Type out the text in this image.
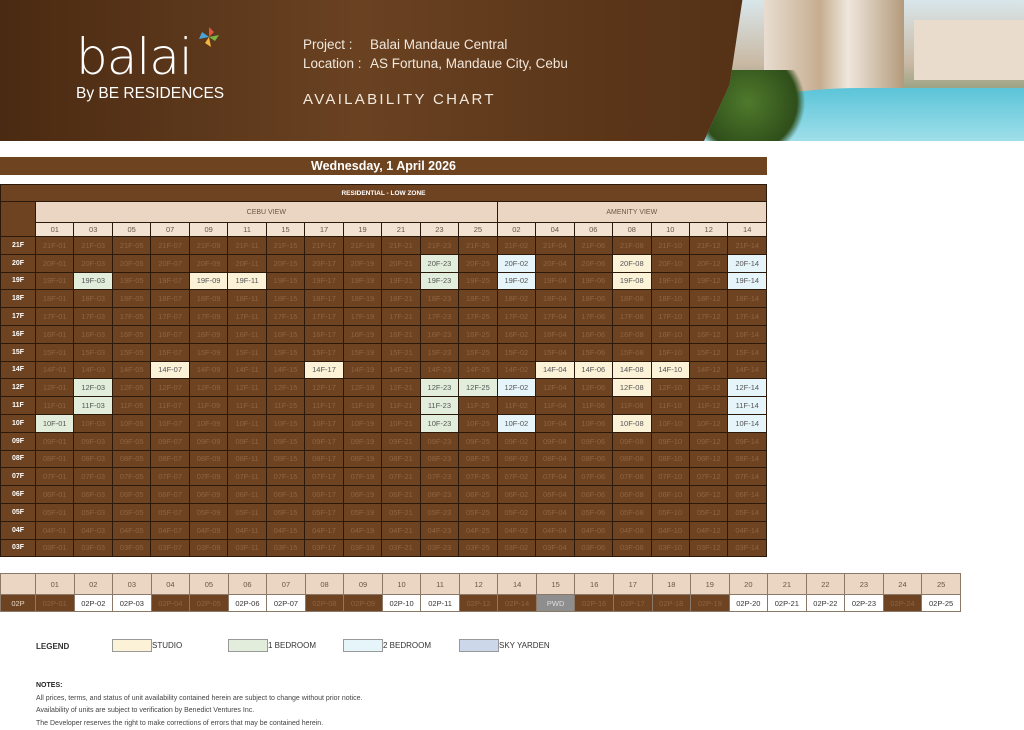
balai
By BE RESIDENCES
Project : Balai Mandaue Central
Location : AS Fortuna, Mandaue City, Cebu
AVAILABILITY CHART
Wednesday, 1 April 2026
RESIDENTIAL - LOW ZONE																			
	CEBU VIEW												AMENITY VIEW						
	01	03	05	07	09	11	15	17	19	21	23	25	02	04	06	08	10	12	14
21F	21F-01	21F-03	21F-05	21F-07	21F-09	21F-11	21F-15	21F-17	21F-19	21F-21	21F-23	21F-25	21F-02	21F-04	21F-06	21F-08	21F-10	21F-12	21F-14
20F	20F-01	20F-03	20F-05	20F-07	20F-09	20F-11	20F-15	20F-17	20F-19	20F-21	20F-23	20F-25	20F-02	20F-04	20F-06	20F-08	20F-10	20F-12	20F-14
19F	19F-01	19F-03	19F-05	19F-07	19F-09	19F-11	19F-15	19F-17	19F-19	19F-21	19F-23	19F-25	19F-02	19F-04	19F-06	19F-08	19F-10	19F-12	19F-14
18F	18F-01	18F-03	18F-05	18F-07	18F-09	18F-11	18F-15	18F-17	18F-19	18F-21	18F-23	18F-25	18F-02	18F-04	18F-06	18F-08	18F-10	18F-12	18F-14
17F	17F-01	17F-03	17F-05	17F-07	17F-09	17F-11	17F-15	17F-17	17F-19	17F-21	17F-23	17F-25	17F-02	17F-04	17F-06	17F-08	17F-10	17F-12	17F-14
16F	16F-01	16F-03	16F-05	16F-07	16F-09	16F-11	16F-15	16F-17	16F-19	16F-21	16F-23	16F-25	16F-02	16F-04	16F-06	16F-08	16F-10	16F-12	16F-14
15F	15F-01	15F-03	15F-05	15F-07	15F-09	15F-11	15F-15	15F-17	15F-19	15F-21	15F-23	15F-25	15F-02	15F-04	15F-06	15F-08	15F-10	15F-12	15F-14
14F	14F-01	14F-03	14F-05	14F-07	14F-09	14F-11	14F-15	14F-17	14F-19	14F-21	14F-23	14F-25	14F-02	14F-04	14F-06	14F-08	14F-10	14F-12	14F-14
12F	12F-01	12F-03	12F-05	12F-07	12F-09	12F-11	12F-15	12F-17	12F-19	12F-21	12F-23	12F-25	12F-02	12F-04	12F-06	12F-08	12F-10	12F-12	12F-14
11F	11F-01	11F-03	11F-05	11F-07	11F-09	11F-11	11F-15	11F-17	11F-19	11F-21	11F-23	11F-25	11F-02	11F-04	11F-06	11F-08	11F-10	11F-12	11F-14
10F	10F-01	10F-03	10F-05	10F-07	10F-09	10F-11	10F-15	10F-17	10F-19	10F-21	10F-23	10F-25	10F-02	10F-04	10F-06	10F-08	10F-10	10F-12	10F-14
09F	09F-01	09F-03	09F-05	09F-07	09F-09	09F-11	09F-15	09F-17	09F-19	09F-21	09F-23	09F-25	09F-02	09F-04	09F-06	09F-08	09F-10	09F-12	09F-14
08F	08F-01	08F-03	08F-05	08F-07	08F-09	08F-11	08F-15	08F-17	08F-19	08F-21	08F-23	08F-25	08F-02	08F-04	08F-06	08F-08	08F-10	08F-12	08F-14
07F	07F-01	07F-03	07F-05	07F-07	07F-09	07F-11	07F-15	07F-17	07F-19	07F-21	07F-23	07F-25	07F-02	07F-04	07F-06	07F-08	07F-10	07F-12	07F-14
06F	06F-01	06F-03	06F-05	06F-07	06F-09	06F-11	06F-15	06F-17	06F-19	06F-21	06F-23	06F-25	06F-02	06F-04	06F-06	06F-08	06F-10	06F-12	06F-14
05F	05F-01	05F-03	05F-05	05F-07	05F-09	05F-11	05F-15	05F-17	05F-19	05F-21	05F-23	05F-25	05F-02	05F-04	05F-06	05F-08	05F-10	05F-12	05F-14
04F	04F-01	04F-03	04F-05	04F-07	04F-09	04F-11	04F-15	04F-17	04F-19	04F-21	04F-23	04F-25	04F-02	04F-04	04F-06	04F-08	04F-10	04F-12	04F-14
03F	03F-01	03F-03	03F-05	03F-07	03F-09	03F-11	03F-15	03F-17	03F-19	03F-21	03F-23	03F-25	03F-02	03F-04	03F-06	03F-08	03F-10	03F-12	03F-14
	01	02	03	04	05	06	07	08	09	10	11	12	14	15	16	17	18	19	20	21	22	23	24	25
02P	02P-01	02P-02	02P-03	02P-04	02P-05	02P-06	02P-07	02P-08	02P-09	02P-10	02P-11	02P-12	02P-14	PWD	02P-16	02P-17	02P-18	02P-19	02P-20	02P-21	02P-22	02P-23	02P-24	02P-25
LEGEND	STUDIO	1 BEDROOM	2 BEDROOM	SKY YARDEN
NOTES:
All prices, terms, and status of unit availability contained herein are subject to change without prior notice.
Availability of units are subject to verification by Benedict Ventures Inc.
The Developer reserves the right to make corrections of errors that may be contained herein.
